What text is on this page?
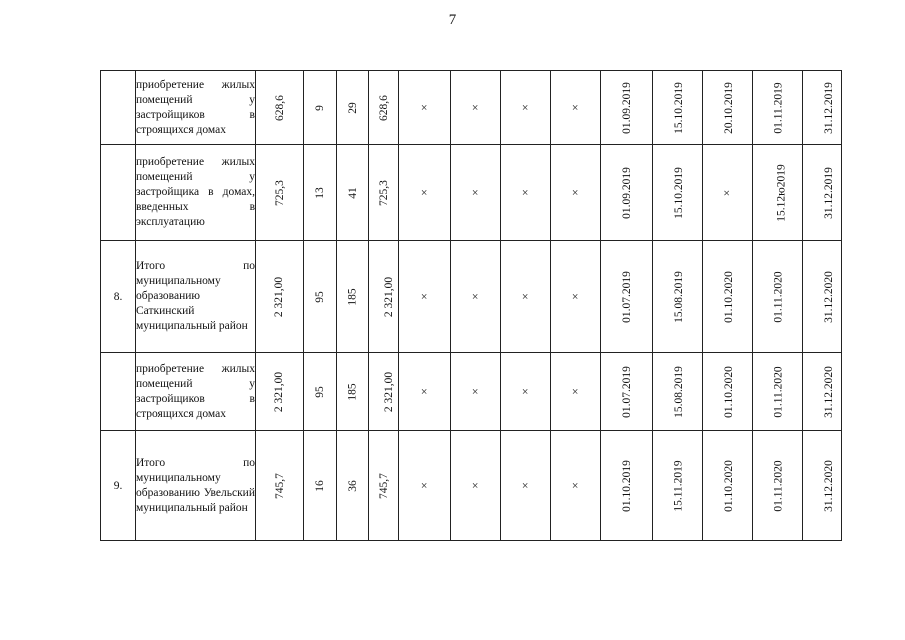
7
	приобретение жилых помещений у застройщиков в строящихся домах	628,6	9	29	628,6	×	×	×	×	01.09.2019	15.10.2019	20.10.2019	01.11.2019	31.12.2019
	приобретение жилых помещений у застройщика в домах, введенных в эксплуатацию	725,3	13	41	725,3	×	×	×	×	01.09.2019	15.10.2019	×	15.12ю2019	31.12.2019
8.	Итого по муниципальному образованию Саткинский муниципальный район	2 321,00	95	185	2 321,00	×	×	×	×	01.07.2019	15.08.2019	01.10.2020	01.11.2020	31.12.2020
	приобретение жилых помещений у застройщиков в строящихся домах	2 321,00	95	185	2 321,00	×	×	×	×	01.07.2019	15.08.2019	01.10.2020	01.11.2020	31.12.2020
9.	Итого по муниципальному образованию Увельский муниципальный район	745,7	16	36	745,7	×	×	×	×	01.10.2019	15.11.2019	01.10.2020	01.11.2020	31.12.2020
